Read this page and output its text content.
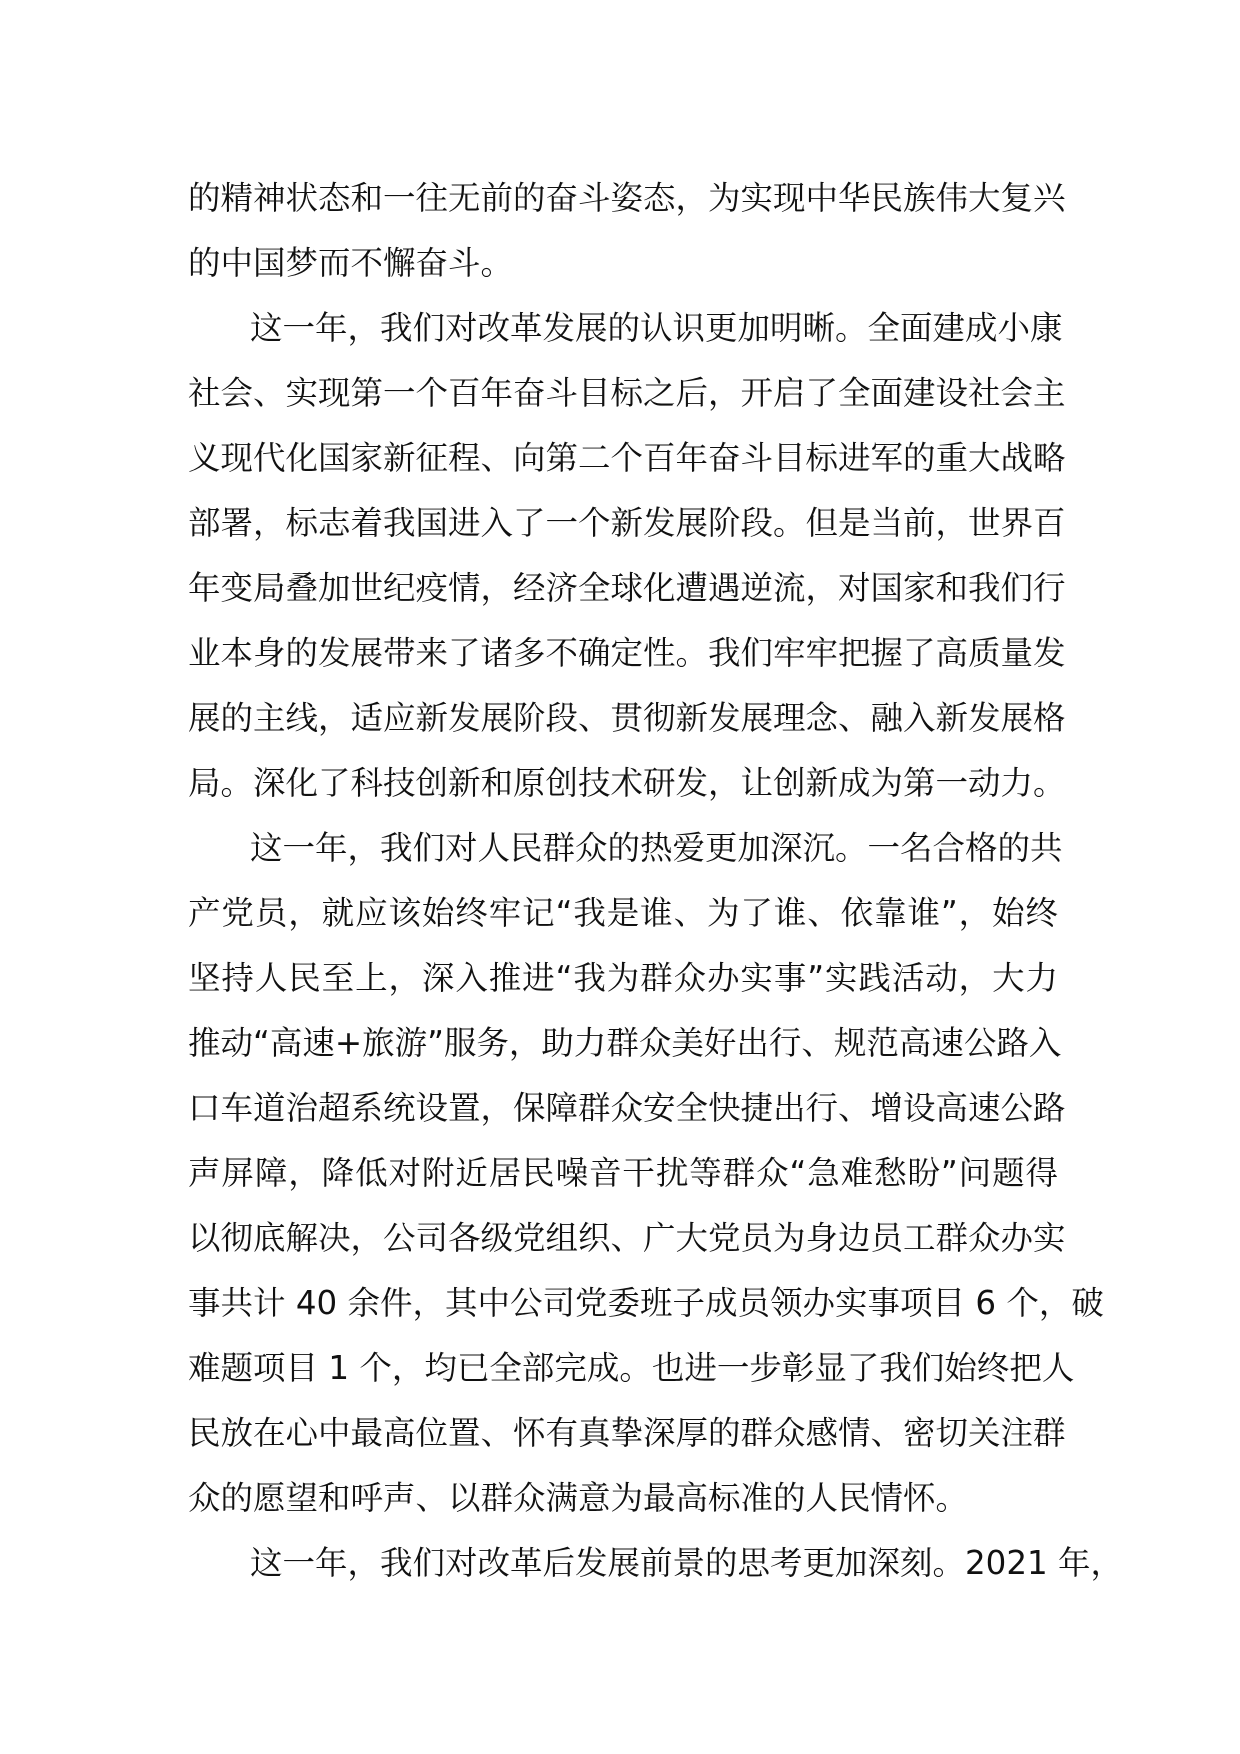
的精神状态和一往无前的奋斗姿态，为实现中华民族伟大复兴
的中国梦而不懈奋斗。
这一年，我们对改革发展的认识更加明晰。全面建成小康
社会、实现第一个百年奋斗目标之后，开启了全面建设社会主
义现代化国家新征程、向第二个百年奋斗目标进军的重大战略
部署，标志着我国进入了一个新发展阶段。但是当前，世界百
年变局叠加世纪疫情，经济全球化遭遇逆流，对国家和我们行
业本身的发展带来了诸多不确定性。我们牢牢把握了高质量发
展的主线，适应新发展阶段、贯彻新发展理念、融入新发展格
局。深化了科技创新和原创技术研发，让创新成为第一动力。
这一年，我们对人民群众的热爱更加深沉。一名合格的共
产党员，就应该始终牢记“我是谁、为了谁、依靠谁”，始终
坚持人民至上，深入推进“我为群众办实事”实践活动，大力
推动“高速+旅游”服务，助力群众美好出行、规范高速公路入
口车道治超系统设置，保障群众安全快捷出行、增设高速公路
声屏障，降低对附近居民噪音干扰等群众“急难愁盼”问题得
以彻底解决，公司各级党组织、广大党员为身边员工群众办实
事共计 40 余件，其中公司党委班子成员领办实事项目 6 个，破
难题项目 1 个，均已全部完成。也进一步彰显了我们始终把人
民放在心中最高位置、怀有真挚深厚的群众感情、密切关注群
众的愿望和呼声、以群众满意为最高标准的人民情怀。
这一年，我们对改革后发展前景的思考更加深刻。2021 年，
